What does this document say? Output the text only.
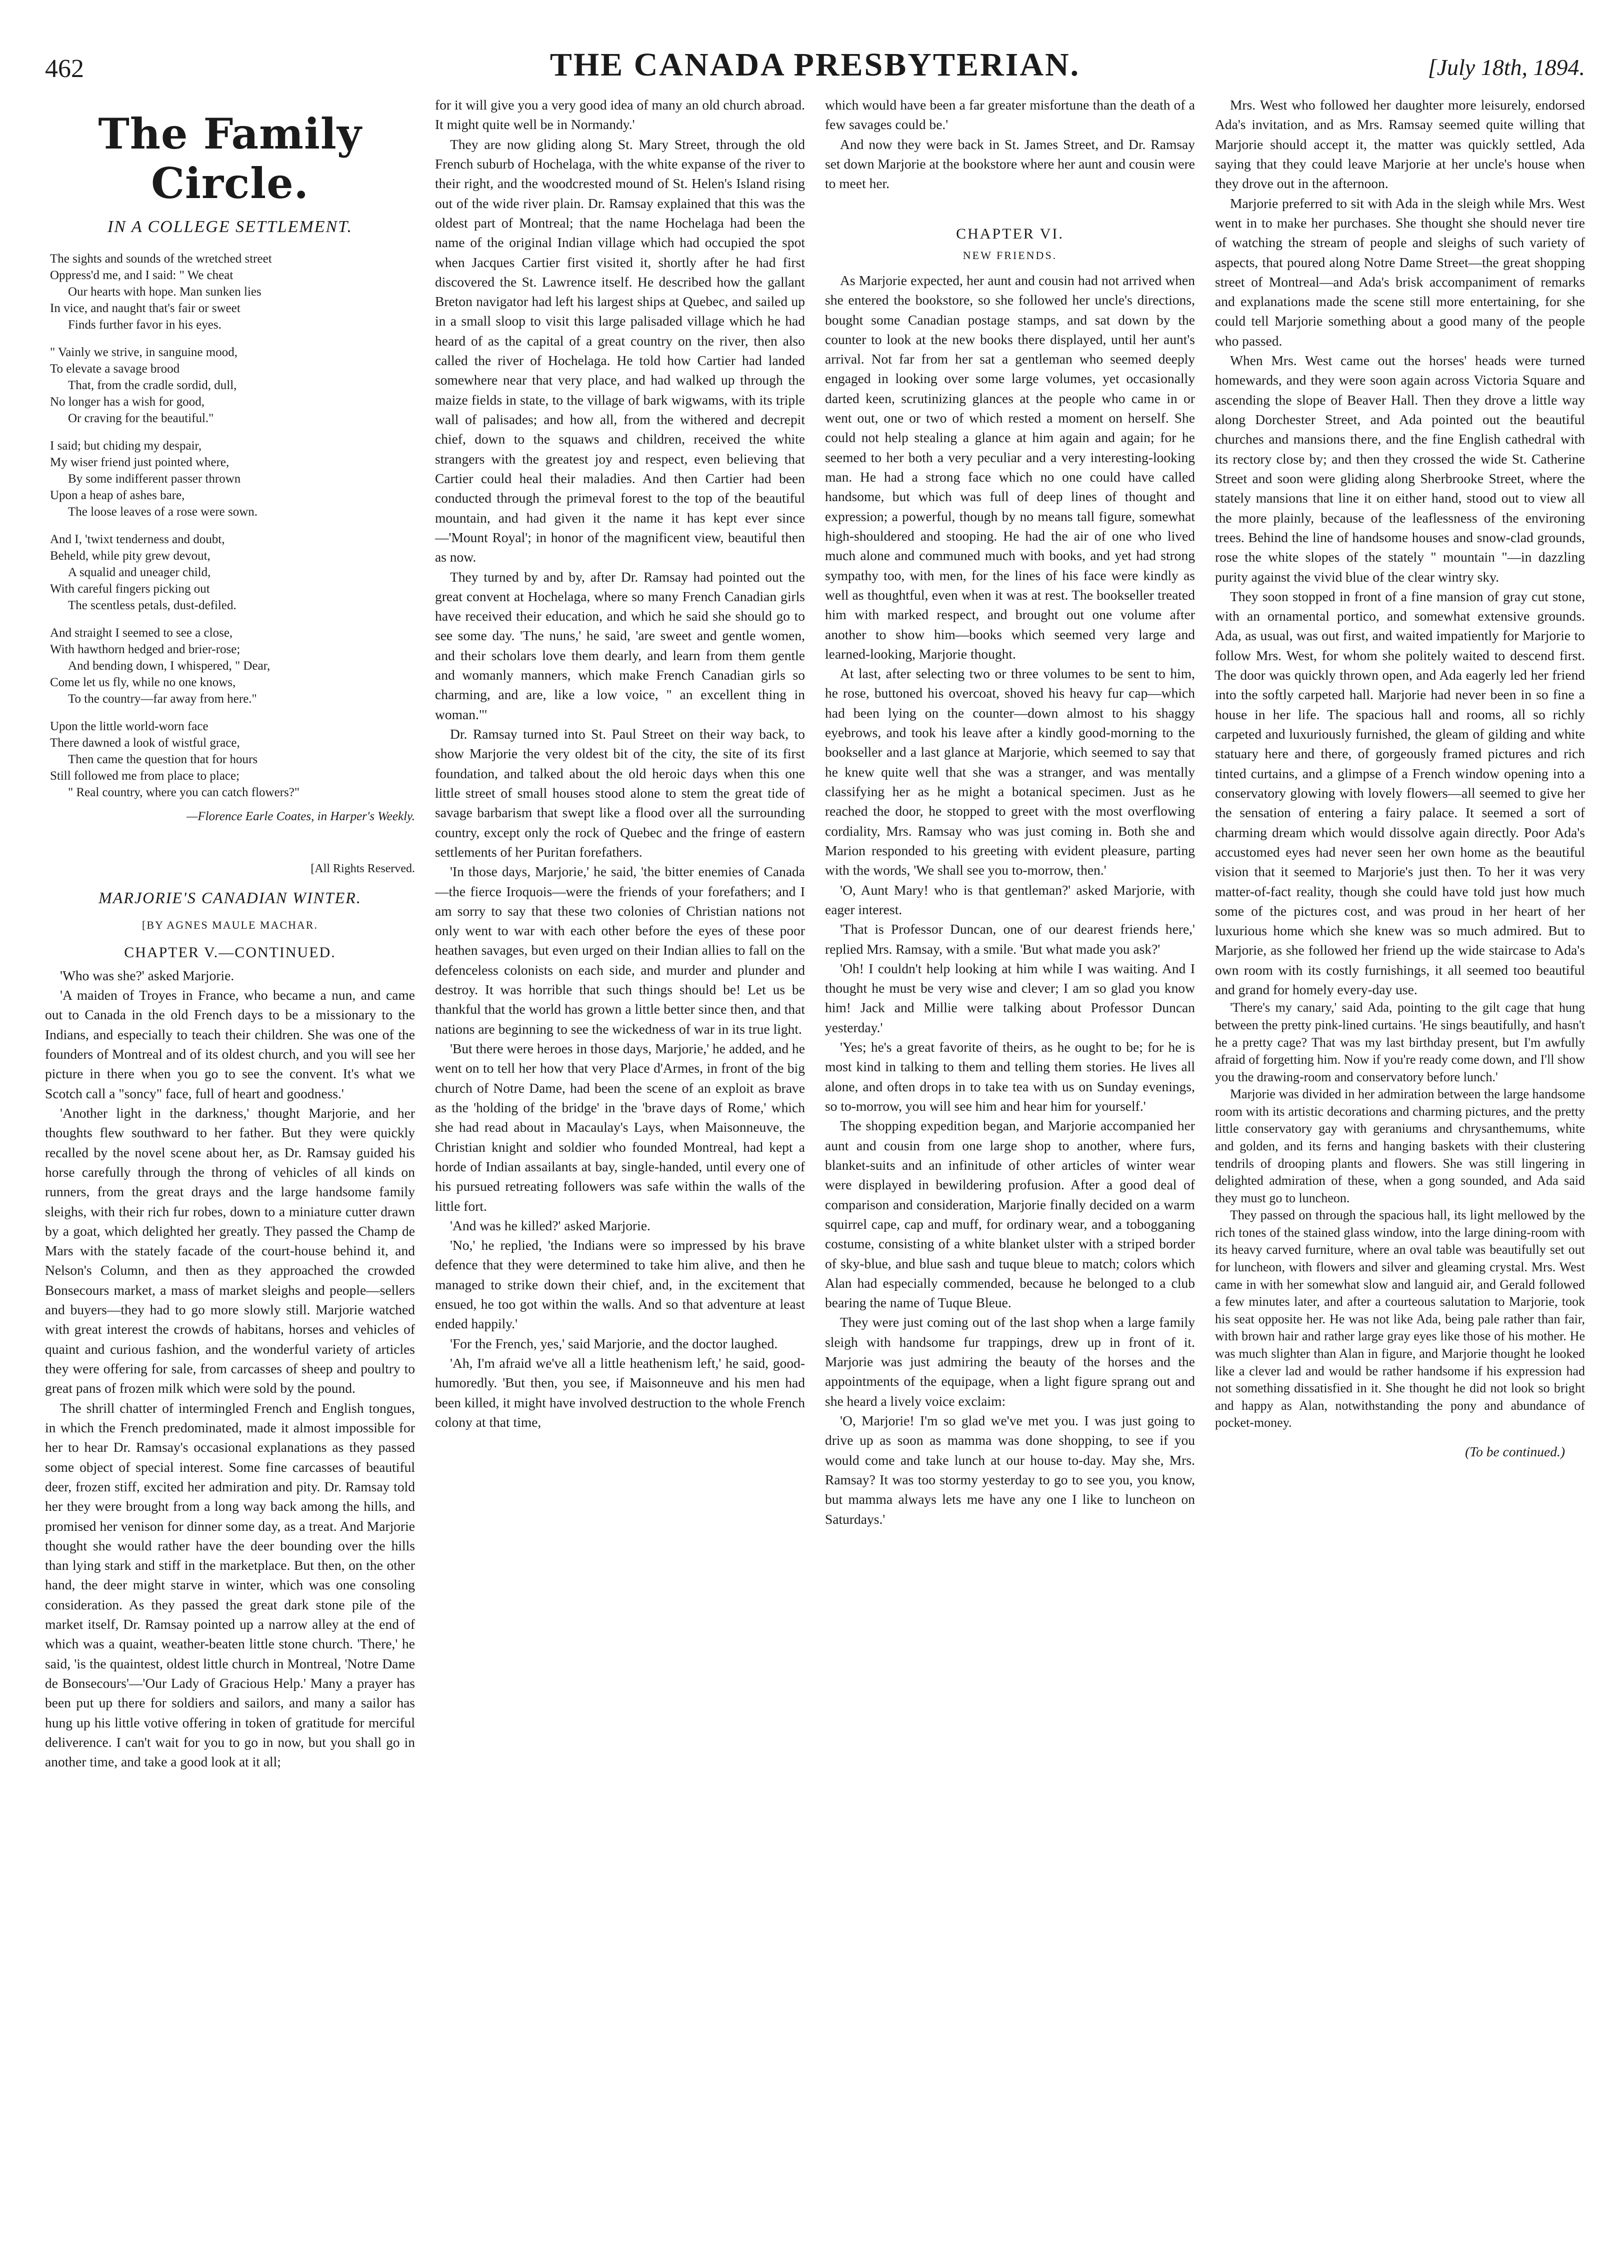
462	THE CANADA PRESBYTERIAN.	[July 18th, 1894.
The Family Circle.
IN A COLLEGE SETTLEMENT.
The sights and sounds of the wretched street
Oppress'd me, and I said: " We cheat
Our hearts with hope. Man sunken lies
In vice, and naught that's fair or sweet
Finds further favor in his eyes.
" Vainly we strive, in sanguine mood,
To elevate a savage brood
That, from the cradle sordid, dull,
No longer has a wish for good,
Or craving for the beautiful."
I said; but chiding my despair,
My wiser friend just pointed where,
By some indifferent passer thrown
Upon a heap of ashes bare,
The loose leaves of a rose were sown.
And I, 'twixt tenderness and doubt,
Beheld, while pity grew devout,
A squalid and uneager child,
With careful fingers picking out
The scentless petals, dust-defiled.
And straight I seemed to see a close,
With hawthorn hedged and brier-rose;
And bending down, I whispered, " Dear,
Come let us fly, while no one knows,
To the country—far away from here."
Upon the little world-worn face
There dawned a look of wistful grace,
Then came the question that for hours
Still followed me from place to place;
" Real country, where you can catch flowers?"
—Florence Earle Coates, in Harper's Weekly.
[All Rights Reserved.
MARJORIE'S CANADIAN WINTER.
[BY AGNES MAULE MACHAR.
CHAPTER V.—CONTINUED.

'Who was she?' asked Marjorie.

'A maiden of Troyes in France, who became a nun, and came out to Canada in the old French days to be a missionary to the Indians, and especially to teach their children. She was one of the founders of Montreal and of its oldest church, and you will see her picture in there when you go to see the convent. It's what we Scotch call a "soncy" face, full of heart and goodness.'

'Another light in the darkness,' thought Marjorie, and her thoughts flew southward to her father. But they were quickly recalled by the novel scene about her, as Dr. Ramsay guided his horse carefully through the throng of vehicles of all kinds on runners, from the great drays and the large handsome family sleighs, with their rich fur robes, down to a miniature cutter drawn by a goat, which delighted her greatly. They passed the Champ de Mars with the stately facade of the court-house behind it, and Nelson's Column, and then as they approached the crowded Bonsecours market, a mass of market sleighs and people—sellers and buyers—they had to go more slowly still. Marjorie watched with great interest the crowds of habitans, horses and vehicles of quaint and curious fashion, and the wonderful variety of articles they were offering for sale, from carcasses of sheep and poultry to great pans of frozen milk which were sold by the pound.

The shrill chatter of intermingled French and English tongues, in which the French predominated, made it almost impossible for her to hear Dr. Ramsay's occasional explanations as they passed some object of special interest. Some fine carcasses of beautiful deer, frozen stiff, excited her admiration and pity. Dr. Ramsay told her they were brought from a long way back among the hills, and promised her venison for dinner some day, as a treat. And Marjorie thought she would rather have the deer bounding over the hills than lying stark and stiff in the marketplace. But then, on the other hand, the deer might starve in winter, which was one consoling consideration. As they passed the great dark stone pile of the market itself, Dr. Ramsay pointed up a narrow alley at the end of which was a quaint, weather-beaten little stone church. 'There,' he said, 'is the quaintest, oldest little church in Montreal, 'Notre Dame de Bonsecours'—'Our Lady of Gracious Help.' Many a prayer has been put up there for soldiers and sailors, and many a sailor has hung up his little votive offering in token of gratitude for merciful deliverence. I can't wait for you to go in now, but you shall go in another time, and take a good look at it all;

for it will give you a very good idea of many an old church abroad. It might quite well be in Normandy.'

They are now gliding along St. Mary Street, through the old French suburb of Hochelaga, with the white expanse of the river to their right, and the woodcrested mound of St. Helen's Island rising out of the wide river plain. Dr. Ramsay explained that this was the oldest part of Montreal; that the name Hochelaga had been the name of the original Indian village which had occupied the spot when Jacques Cartier first visited it, shortly after he had first discovered the St. Lawrence itself. He described how the gallant Breton navigator had left his largest ships at Quebec, and sailed up in a small sloop to visit this large palisaded village which he had heard of as the capital of a great country on the river, then also called the river of Hochelaga. He told how Cartier had landed somewhere near that very place, and had walked up through the maize fields in state, to the village of bark wigwams, with its triple wall of palisades; and how all, from the withered and decrepit chief, down to the squaws and children, received the white strangers with the greatest joy and respect, even believing that Cartier could heal their maladies. And then Cartier had been conducted through the primeval forest to the top of the beautiful mountain, and had given it the name it has kept ever since—'Mount Royal'; in honor of the magnificent view, beautiful then as now.

They turned by and by, after Dr. Ramsay had pointed out the great convent at Hochelaga, where so many French Canadian girls have received their education, and which he said she should go to see some day. 'The nuns,' he said, 'are sweet and gentle women, and their scholars love them dearly, and learn from them gentle and womanly manners, which make French Canadian girls so charming, and are, like a low voice, " an excellent thing in woman."'

Dr. Ramsay turned into St. Paul Street on their way back, to show Marjorie the very oldest bit of the city, the site of its first foundation, and talked about the old heroic days when this one little street of small houses stood alone to stem the great tide of savage barbarism that swept like a flood over all the surrounding country, except only the rock of Quebec and the fringe of eastern settlements of her Puritan forefathers.

'In those days, Marjorie,' he said, 'the bitter enemies of Canada—the fierce Iroquois—were the friends of your forefathers; and I am sorry to say that these two colonies of Christian nations not only went to war with each other before the eyes of these poor heathen savages, but even urged on their Indian allies to fall on the defenceless colonists on each side, and murder and plunder and destroy. It was horrible that such things should be! Let us be thankful that the world has grown a little better since then, and that nations are beginning to see the wickedness of war in its true light.

'But there were heroes in those days, Marjorie,' he added, and he went on to tell her how that very Place d'Armes, in front of the big church of Notre Dame, had been the scene of an exploit as brave as the 'holding of the bridge' in the 'brave days of Rome,' which she had read about in Macaulay's Lays, when Maisonneuve, the Christian knight and soldier who founded Montreal, had kept a horde of Indian assailants at bay, single-handed, until every one of his pursued retreating followers was safe within the walls of the little fort.

'And was he killed?' asked Marjorie.

'No,' he replied, 'the Indians were so impressed by his brave defence that they were determined to take him alive, and then he managed to strike down their chief, and, in the excitement that ensued, he too got within the walls. And so that adventure at least ended happily.'

'For the French, yes,' said Marjorie, and the doctor laughed.

'Ah, I'm afraid we've all a little heathenism left,' he said, good-humoredly. 'But then, you see, if Maisonneuve and his men had been killed, it might have involved destruction to the whole French colony at that time,

which would have been a far greater misfortune than the death of a few savages could be.'

And now they were back in St. James Street, and Dr. Ramsay set down Marjorie at the bookstore where her aunt and cousin were to meet her.

CHAPTER VI.
NEW FRIENDS.

As Marjorie expected, her aunt and cousin had not arrived when she entered the bookstore, so she followed her uncle's directions, bought some Canadian postage stamps, and sat down by the counter to look at the new books there displayed, until her aunt's arrival. Not far from her sat a gentleman who seemed deeply engaged in looking over some large volumes, yet occasionally darted keen, scrutinizing glances at the people who came in or went out, one or two of which rested a moment on herself. She could not help stealing a glance at him again and again; for he seemed to her both a very peculiar and a very interesting-looking man. He had a strong face which no one could have called handsome, but which was full of deep lines of thought and expression; a powerful, though by no means tall figure, somewhat high-shouldered and stooping. He had the air of one who lived much alone and communed much with books, and yet had strong sympathy too, with men, for the lines of his face were kindly as well as thoughtful, even when it was at rest. The bookseller treated him with marked respect, and brought out one volume after another to show him—books which seemed very large and learned-looking, Marjorie thought.

At last, after selecting two or three volumes to be sent to him, he rose, buttoned his overcoat, shoved his heavy fur cap—which had been lying on the counter—down almost to his shaggy eyebrows, and took his leave after a kindly good-morning to the bookseller and a last glance at Marjorie, which seemed to say that he knew quite well that she was a stranger, and was mentally classifying her as he might a botanical specimen. Just as he reached the door, he stopped to greet with the most overflowing cordiality, Mrs. Ramsay who was just coming in. Both she and Marion responded to his greeting with evident pleasure, parting with the words, 'We shall see you to-morrow, then.'

'O, Aunt Mary! who is that gentleman?' asked Marjorie, with eager interest.

'That is Professor Duncan, one of our dearest friends here,' replied Mrs. Ramsay, with a smile. 'But what made you ask?'

'Oh! I couldn't help looking at him while I was waiting. And I thought he must be very wise and clever; I am so glad you know him! Jack and Millie were talking about Professor Duncan yesterday.'

'Yes; he's a great favorite of theirs, as he ought to be; for he is most kind in talking to them and telling them stories. He lives all alone, and often drops in to take tea with us on Sunday evenings, so to-morrow, you will see him and hear him for yourself.'

The shopping expedition began, and Marjorie accompanied her aunt and cousin from one large shop to another, where furs, blanket-suits and an infinitude of other articles of winter wear were displayed in bewildering profusion. After a good deal of comparison and consideration, Marjorie finally decided on a warm squirrel cape, cap and muff, for ordinary wear, and a tobogganing costume, consisting of a white blanket ulster with a striped border of sky-blue, and blue sash and tuque bleue to match; colors which Alan had especially commended, because he belonged to a club bearing the name of Tuque Bleue.

They were just coming out of the last shop when a large family sleigh with handsome fur trappings, drew up in front of it. Marjorie was just admiring the beauty of the horses and the appointments of the equipage, when a light figure sprang out and she heard a lively voice exclaim:

'O, Marjorie! I'm so glad we've met you. I was just going to drive up as soon as mamma was done shopping, to see if you would come and take lunch at our house to-day. May she, Mrs. Ramsay? It was too stormy yesterday to go to see you, you know, but mamma always lets me have any one I like to luncheon on Saturdays.'

Mrs. West who followed her daughter more leisurely, endorsed Ada's invitation, and as Mrs. Ramsay seemed quite willing that Marjorie should accept it, the matter was quickly settled, Ada saying that they could leave Marjorie at her uncle's house when they drove out in the afternoon.

Marjorie preferred to sit with Ada in the sleigh while Mrs. West went in to make her purchases. She thought she should never tire of watching the stream of people and sleighs of such variety of aspects, that poured along Notre Dame Street—the great shopping street of Montreal—and Ada's brisk accompaniment of remarks and explanations made the scene still more entertaining, for she could tell Marjorie something about a good many of the people who passed.

When Mrs. West came out the horses' heads were turned homewards, and they were soon again across Victoria Square and ascending the slope of Beaver Hall. Then they drove a little way along Dorchester Street, and Ada pointed out the beautiful churches and mansions there, and the fine English cathedral with its rectory close by; and then they crossed the wide St. Catherine Street and soon were gliding along Sherbrooke Street, where the stately mansions that line it on either hand, stood out to view all the more plainly, because of the leaflessness of the environing trees. Behind the line of handsome houses and snow-clad grounds, rose the white slopes of the stately " mountain "—in dazzling purity against the vivid blue of the clear wintry sky.

They soon stopped in front of a fine mansion of gray cut stone, with an ornamental portico, and somewhat extensive grounds. Ada, as usual, was out first, and waited impatiently for Marjorie to follow Mrs. West, for whom she politely waited to descend first. The door was quickly thrown open, and Ada eagerly led her friend into the softly carpeted hall. Marjorie had never been in so fine a house in her life. The spacious hall and rooms, all so richly carpeted and luxuriously furnished, the gleam of gilding and white statuary here and there, of gorgeously framed pictures and rich tinted curtains, and a glimpse of a French window opening into a conservatory glowing with lovely flowers—all seemed to give her the sensation of entering a fairy palace. It seemed a sort of charming dream which would dissolve again directly. Poor Ada's accustomed eyes had never seen her own home as the beautiful vision that it seemed to Marjorie's just then. To her it was very matter-of-fact reality, though she could have told just how much some of the pictures cost, and was proud in her heart of her luxurious home which she knew was so much admired. But to Marjorie, as she followed her friend up the wide staircase to Ada's own room with its costly furnishings, it all seemed too beautiful and grand for homely every-day use.

'There's my canary,' said Ada, pointing to the gilt cage that hung between the pretty pink-lined curtains. 'He sings beautifully, and hasn't he a pretty cage? That was my last birthday present, but I'm awfully afraid of forgetting him. Now if you're ready come down, and I'll show you the drawing-room and conservatory before lunch.'

Marjorie was divided in her admiration between the large handsome room with its artistic decorations and charming pictures, and the pretty little conservatory gay with geraniums and chrysanthemums, white and golden, and its ferns and hanging baskets with their clustering tendrils of drooping plants and flowers. She was still lingering in delighted admiration of these, when a gong sounded, and Ada said they must go to luncheon.

They passed on through the spacious hall, its light mellowed by the rich tones of the stained glass window, into the large dining-room with its heavy carved furniture, where an oval table was beautifully set out for luncheon, with flowers and silver and gleaming crystal. Mrs. West came in with her somewhat slow and languid air, and Gerald followed a few minutes later, and after a courteous salutation to Marjorie, took his seat opposite her. He was not like Ada, being pale rather than fair, with brown hair and rather large gray eyes like those of his mother. He was much slighter than Alan in figure, and Marjorie thought he looked like a clever lad and would be rather handsome if his expression had not something dissatisfied in it. She thought he did not look so bright and happy as Alan, notwithstanding the pony and abundance of pocket-money.

(To be continued.)
